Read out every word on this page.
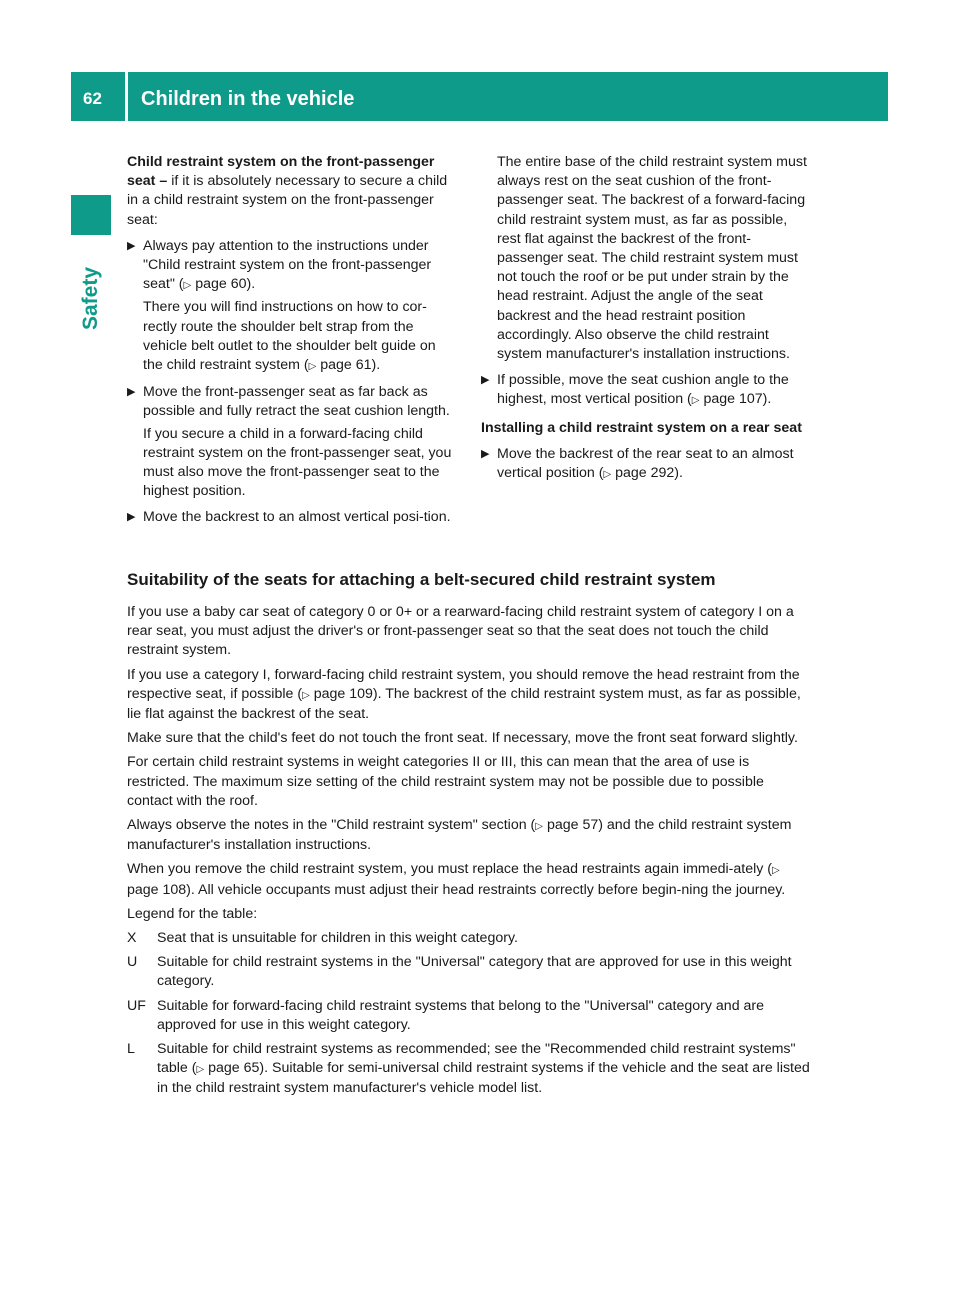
62 Children in the vehicle
Safety

Child restraint system on the front-passenger seat – if it is absolutely necessary to secure a child in a child restraint system on the front-passenger seat:

▶ Always pay attention to the instructions under "Child restraint system on the front-passenger seat" (▷ page 60).
There you will find instructions on how to cor-rectly route the shoulder belt strap from the vehicle belt outlet to the shoulder belt guide on the child restraint system (▷ page 61).
▶ Move the front-passenger seat as far back as possible and fully retract the seat cushion length.
If you secure a child in a forward-facing child restraint system on the front-passenger seat, you must also move the front-passenger seat to the highest position.
▶ Move the backrest to an almost vertical posi-tion.
The entire base of the child restraint system must always rest on the seat cushion of the front-passenger seat. The backrest of a forward-facing child restraint system must, as far as possible, rest flat against the backrest of the front-passenger seat. The child restraint system must not touch the roof or be put under strain by the head restraint. Adjust the angle of the seat backrest and the head restraint position accordingly. Also observe the child restraint system manufacturer's installation instructions.
▶ If possible, move the seat cushion angle to the highest, most vertical position (▷ page 107).

Installing a child restraint system on a rear seat

▶ Move the backrest of the rear seat to an almost vertical position (▷ page 292).
Suitability of the seats for attaching a belt-secured child restraint system

If you use a baby car seat of category 0 or 0+ or a rearward-facing child restraint system of category I on a rear seat, you must adjust the driver's or front-passenger seat so that the seat does not touch the child restraint system.

If you use a category I, forward-facing child restraint system, you should remove the head restraint from the respective seat, if possible (▷ page 109). The backrest of the child restraint system must, as far as possible, lie flat against the backrest of the seat.

Make sure that the child's feet do not touch the front seat. If necessary, move the front seat forward slightly.

For certain child restraint systems in weight categories II or III, this can mean that the area of use is restricted. The maximum size setting of the child restraint system may not be possible due to possible contact with the roof.

Always observe the notes in the "Child restraint system" section (▷ page 57) and the child restraint system manufacturer's installation instructions.

When you remove the child restraint system, you must replace the head restraints again immedi-ately (▷ page 108). All vehicle occupants must adjust their head restraints correctly before begin-ning the journey.

Legend for the table:

X Seat that is unsuitable for children in this weight category.
U Suitable for child restraint systems in the "Universal" category that are approved for use in this weight category.
UF Suitable for forward-facing child restraint systems that belong to the "Universal" category and are approved for use in this weight category.
L Suitable for child restraint systems as recommended; see the "Recommended child restraint systems" table (▷ page 65). Suitable for semi-universal child restraint systems if the vehicle and the seat are listed in the child restraint system manufacturer's vehicle model list.
